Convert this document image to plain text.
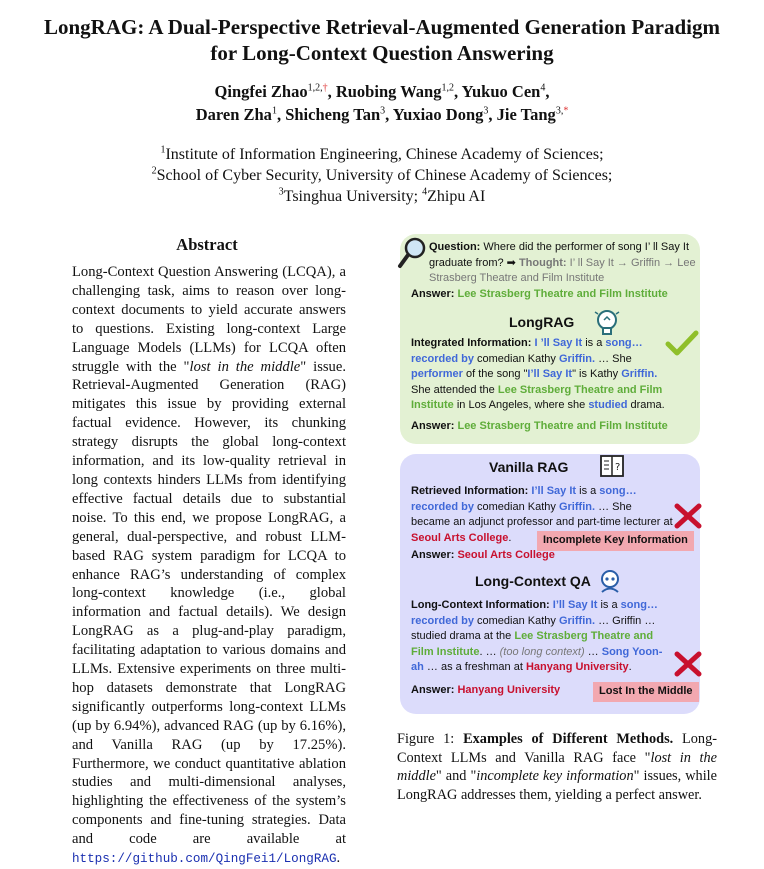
LongRAG: A Dual-Perspective Retrieval-Augmented Generation Paradigm
for Long-Context Question Answering
Qingfei Zhao$^{1,2,\dagger}$, Ruobing Wang$^{1,2}$, Yukuo Cen$^4$,
Daren Zha$^1$, Shicheng Tan$^3$, Yuxiao Dong$^3$, Jie Tang$^{3,*}$
$^1$Institute of Information Engineering, Chinese Academy of Sciences;
$^2$School of Cyber Security, University of Chinese Academy of Sciences;
$^3$Tsinghua University; $^4$Zhipu AI
Abstract
Long-Context Question Answering (LCQA), a challenging task, aims to reason over long-context documents to yield accurate answers to questions. Existing long-context Large Language Models (LLMs) for LCQA often struggle with the "lost in the middle" issue. Retrieval-Augmented Generation (RAG) mitigates this issue by providing external factual evidence. However, its chunking strategy disrupts the global long-context information, and its low-quality retrieval in long contexts hinders LLMs from identifying effective factual details due to substantial noise. To this end, we propose LongRAG, a general, dual-perspective, and robust LLM-based RAG system paradigm for LCQA to enhance RAG’s understanding of complex long-context knowledge (i.e., global information and factual details). We design LongRAG as a plug-and-play paradigm, facilitating adaptation to various domains and LLMs. Extensive experiments on three multi-hop datasets demonstrate that LongRAG significantly outperforms long-context LLMs (up by 6.94%), advanced RAG (up by 6.16%), and Vanilla RAG (up by 17.25%). Furthermore, we conduct quantitative ablation studies and multi-dimensional analyses, highlighting the effectiveness of the system’s components and fine-tuning strategies. Data and code are available at https://github.com/QingFei1/LongRAG.
Question: Where did the performer of song I’ ll Say It graduate from? ➡ Thought: I’ ll Say It → Griffin → Lee Strasberg Theatre and Film Institute
Answer: Lee Strasberg Theatre and Film Institute
LongRAG
Integrated Information: I ’ll Say It is a song… recorded by comedian Kathy Griffin. … She performer of the song "I’ll Say It" is Kathy Griffin. She attended the Lee Strasberg Theatre and Film Institute in Los Angeles, where she studied drama.
Answer: Lee Strasberg Theatre and Film Institute
Vanilla RAG	?
Retrieved Information: I’ll Say It is a song…recorded by comedian Kathy Griffin. … She became an adjunct professor and part-time lecturer at Seoul Arts College.	Incomplete Key Information
Answer: Seoul Arts College
Long-Context QA
Long-Context Information: I’ll Say It is a song… recorded by comedian Kathy Griffin. … Griffin … studied drama at the Lee Strasberg Theatre and Film Institute. … (too long context) … Song Yoon-ah … as a freshman at Hanyang University.
Answer: Hanyang University	Lost In the Middle
Figure 1: Examples of Different Methods. Long-Context LLMs and Vanilla RAG face "lost in the middle" and "incomplete key information" issues, while LongRAG addresses them, yielding a perfect answer.
